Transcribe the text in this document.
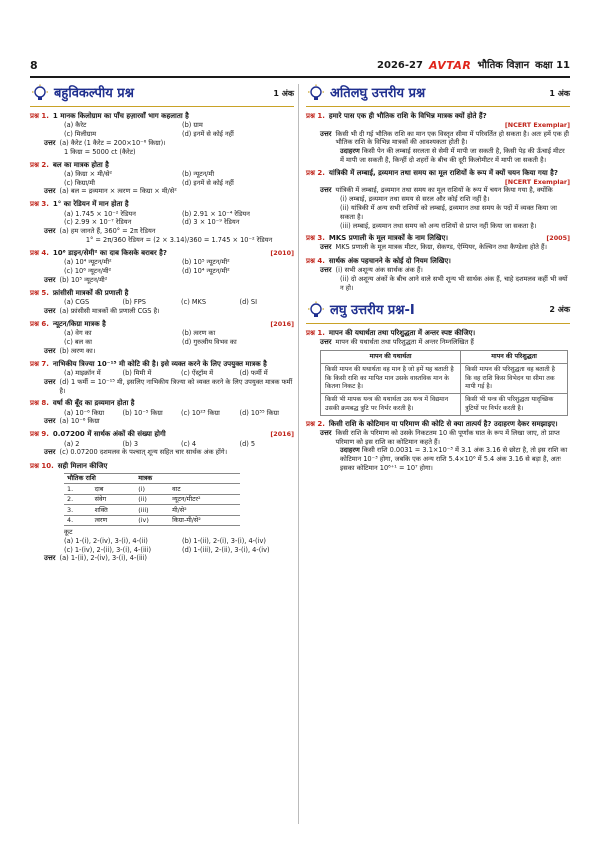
8	2026-27 AVTAR भौतिक विज्ञान कक्षा 11
बहुविकल्पीय प्रश्न	1 अंक
प्रश्न 1. 1 मानक किलोग्राम का पाँच हज़ारवाँ भाग कहलाता है
(a) कैरेट	(b) ग्राम
(c) मिलीग्राम	(d) इनमें से कोई नहीं
उत्तर (a) कैरेट (1 कैरेट = 200×10⁻⁶ किग्रा)।
1 किग्रा = 5000 ct (कैरेट)
प्रश्न 2. बल का मात्रक होता है
(a) किग्रा × मी/से²	(b) न्यूटन/मी
(c) किग्रा/मी	(d) इनमें से कोई नहीं
उत्तर (a) बल = द्रव्यमान × त्वरण = किग्रा × मी/से²
प्रश्न 3. 1° का रेडियन में मान होता है
(a) 1.745 × 10⁻² रेडियन	(b) 2.91 × 10⁻⁴ रेडियन
(c) 2.99 × 10⁻⁷ रेडियन	(d) 3 × 10⁻⁹ रेडियन
उत्तर (a) हम जानते हैं, 360° = 2π रेडियन
1° = 2π/360 रेडियन = (2 × 3.14)/360 = 1.745 × 10⁻² रेडियन
प्रश्न 4. 10⁶ डाइन/सेमी² का दाब किसके बराबर है?	[2010]
(a) 10⁴ न्यूटन/मी²	(b) 10⁵ न्यूटन/मी²
(c) 10⁶ न्यूटन/मी²	(d) 10⁴ न्यूटन/मी²
उत्तर (b) 10⁵ न्यूटन/मी²
प्रश्न 5. फ्रांसीसी मात्रकों की प्रणाली है
(a) CGS	(b) FPS	(c) MKS	(d) SI
उत्तर (a) फ्रांसीसी मात्रकों की प्रणाली CGS है।
प्रश्न 6. न्यूटन/किग्रा मात्रक है	[2016]
(a) वेग का	(b) त्वरण का
(c) बल का	(d) गुरुत्वीय विभव का
उत्तर (b) त्वरण का।
प्रश्न 7. नाभिकीय त्रिज्या 10⁻¹⁵ मी कोटि की है। इसे व्यक्त करने के लिए उपयुक्त मात्रक है
(a) माइक्रॉन में	(b) मिमी में	(c) ऐंस्ट्रॉम में	(d) फर्मी में
उत्तर (d) 1 फर्मी = 10⁻¹⁵ मी, इसलिए नाभिकीय त्रिज्या को व्यक्त करने के लिए उपयुक्त मात्रक फर्मी है।
प्रश्न 8. वर्षा की बूँद का द्रव्यमान होता है
(a) 10⁻⁶ किग्रा	(b) 10⁻⁵ किग्रा	(c) 10²³ किग्रा	(d) 10⁵⁵ किग्रा
उत्तर (a) 10⁻⁶ किग्रा
प्रश्न 9. 0.07200 में सार्थक अंकों की संख्या होगी	[2016]
(a) 2	(b) 3	(c) 4	(d) 5
उत्तर (c) 0.07200 दशमलव के पश्चात् शून्य सहित चार सार्थक अंक होंगे।
प्रश्न 10. सही मिलान कीजिए
भौतिक राशि		मात्रक	
1.	दाब	(i)	वाट
2.	संवेग	(ii)	न्यूटन/मीटर²
3.	शक्ति	(iii)	मी/से²
4.	त्वरण	(iv)	किग्रा-मी/से²
कूट
(a) 1-(i), 2-(iv), 3-(i), 4-(ii)	(b) 1-(ii), 2-(i), 3-(i), 4-(iv)
(c) 1-(iv), 2-(ii), 3-(i), 4-(iii)	(d) 1-(iii), 2-(ii), 3-(i), 4-(iv)
उत्तर (a) 1-(ii), 2-(iv), 3-(i), 4-(iii)
अतिलघु उत्तरीय प्रश्न	1 अंक
प्रश्न 1. हमारे पास एक ही भौतिक राशि के विभिन्न मात्रक क्यों होते हैं?
[NCERT Exemplar]
उत्तर किसी भी दी गई भौतिक राशि का मान एक विस्तृत सीमा में परिवर्तित हो सकता है। अतः हमें एक ही भौतिक राशि के विभिन्न मात्रकों की आवश्यकता होती है।
उदाहरण किसी पेन की लम्बाई सरलता से सेमी में मापी जा सकती है, किसी पेड़ की ऊँचाई मीटर में मापी जा सकती है, किन्हीं दो शहरों के बीच की दूरी किलोमीटर में मापी जा सकती है।
प्रश्न 2. यांत्रिकी में लम्बाई, द्रव्यमान तथा समय का मूल राशियों के रूप में क्यों चयन किया गया है?
[NCERT Exemplar]
उत्तर यांत्रिकी में लम्बाई, द्रव्यमान तथा समय का मूल राशियों के रूप में चयन किया गया है, क्योंकि
(i) लम्बाई, द्रव्यमान तथा समय से सरल और कोई राशि नहीं है।
(ii) यांत्रिकी में अन्य सभी राशियों को लम्बाई, द्रव्यमान तथा समय के पदों में व्यक्त किया जा सकता है।
(iii) लम्बाई, द्रव्यमान तथा समय को अन्य राशियों से प्राप्त नहीं किया जा सकता है।
प्रश्न 3. MKS प्रणाली के मूल मात्रकों के नाम लिखिए।	[2005]
उत्तर MKS प्रणाली के मूल मात्रक मीटर, किग्रा, सेकण्ड, ऐम्पियर, केल्विन तथा कैण्डेला होते हैं।
प्रश्न 4. सार्थक अंक पहचानने के कोई दो नियम लिखिए।
उत्तर (i) सभी अशून्य अंक सार्थक अंक हैं।
(ii) दो अशून्य अंकों के बीच आने वाले सभी शून्य भी सार्थक अंक हैं, चाहे दशमलव कहीं भी क्यों न हो।
लघु उत्तरीय प्रश्न-I	2 अंक
प्रश्न 1. मापन की यथार्थता तथा परिशुद्धता में अन्तर स्पष्ट कीजिए।
उत्तर मापन की यथार्थता तथा परिशुद्धता में अन्तर निम्नलिखित हैं
मापन की यथार्थता	मापन की परिशुद्धता
किसी मापन की यथार्थता वह मान है जो हमें यह बताती है कि किसी राशि का मापित मान उसके वास्तविक मान के कितना निकट है।	किसी मापन की परिशुद्धता वह बताती है कि वह राशि किस विभेदन या सीमा तक मापी गई है।
किसी भी मापक यन्त्र की यथार्थता उस यन्त्र में विद्यमान उसकी क्रमबद्ध त्रुटि पर निर्भर करती है।	किसी भी यन्त्र की परिशुद्धता यादृच्छिक त्रुटियों पर निर्भर करती है।
प्रश्न 2. किसी राशि के कोटिमान या परिमाण की कोटि से क्या तात्पर्य है? उदाहरण देकर समझाइए।
उत्तर किसी राशि के परिमाण को उसके निकटतम 10 की पूर्णांक घात के रूप में लिखा जाए, तो प्राप्त परिमाण को इस राशि का कोटिमान कहते हैं।
उदाहरण किसी राशि 0.0031 = 3.1×10⁻³ में 3.1 अंक 3.16 से छोटा है, तो इस राशि का कोटिमान 10⁻³ होगा, जबकि एक अन्य राशि 5.4×10⁶ में 5.4 अंक 3.16 से बड़ा है, अतः इसका कोटिमान 10⁶⁺¹ = 10⁷ होगा।
